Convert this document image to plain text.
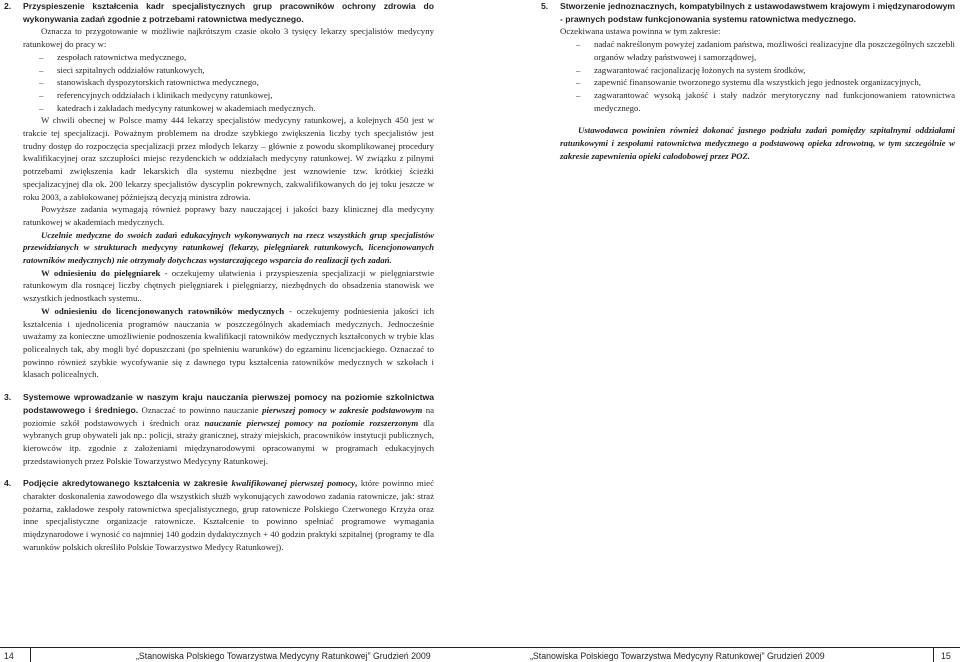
2. Przyspieszenie kształcenia kadr specjalistycznych grup pracowników ochrony zdrowia do wykonywania zadań zgodnie z potrzebami ratownictwa medycznego.

Oznacza to przygotowanie w możliwie najkrótszym czasie około 3 tysięcy lekarzy specjalistów medycyny ratunkowej do pracy w:

– zespołach ratownictwa medycznego,
– sieci szpitalnych oddziałów ratunkowych,
– stanowiskach dyspozytorskich ratownictwa medycznego,
– referencyjnych oddziałach i klinikach medycyny ratunkowej,
– katedrach i zakładach medycyny ratunkowej w akademiach medycznych.

W chwili obecnej w Polsce mamy 444 lekarzy specjalistów medycyny ratunkowej, a kolejnych 450 jest w trakcie tej specjalizacji. Poważnym problemem na drodze szybkiego zwiększenia liczby tych specjalistów jest trudny dostęp do rozpoczęcia specjalizacji przez młodych lekarzy – głównie z powodu skomplikowanej procedury kwalifikacyjnej oraz szczupłości miejsc rezydenckich w oddziałach medycyny ratunkowej. W związku z pilnymi potrzebami zwiększenia kadr lekarskich dla systemu niezbędne jest wznowienie tzw. krótkiej ścieżki specjalizacyjnej dla ok. 200 lekarzy specjalistów dyscyplin pokrewnych, zakwalifikowanych do jej toku jeszcze w roku 2003, a zablokowanej późniejszą decyzją ministra zdrowia.

Powyższe zadania wymagają również poprawy bazy nauczającej i jakości bazy klinicznej dla medycyny ratunkowej w akademiach medycznych.

Uczelnie medyczne do swoich zadań edukacyjnych wykonywanych na rzecz wszystkich grup specjalistów przewidzianych w strukturach medycyny ratunkowej (lekarzy, pielęgniarek ratunkowych, licencjonowanych ratowników medycznych) nie otrzymały dotychczas wystarczającego wsparcia do realizacji tych zadań.

W odniesieniu do pielęgniarek - oczekujemy ułatwienia i przyspieszenia specjalizacji w pielęgniarstwie ratunkowym dla rosnącej liczby chętnych pielęgniarek i pielęgniarzy, niezbędnych do obsadzenia stanowisk we wszystkich jednostkach systemu..

W odniesieniu do licencjonowanych ratowników medycznych - oczekujemy podniesienia jakości ich kształcenia i ujednolicenia programów nauczania w poszczególnych akademiach medycznych. Jednocześnie uważamy za konieczne umożliwienie podnoszenia kwalifikacji ratowników medycznych kształconych w trybie klas policealnych tak, aby mogli być dopuszczani (po spełnieniu warunków) do egzaminu licencjackiego. Oznaczać to powinno również szybkie wycofywanie się z dawnego typu kształcenia ratowników medycznych w szkołach i klasach policealnych.

3. Systemowe wprowadzanie w naszym kraju nauczania pierwszej pomocy na poziomie szkolnictwa podstawowego i średniego. Oznaczać to powinno nauczanie pierwszej pomocy w zakresie podstawowym na poziomie szkół podstawowych i średnich oraz nauczanie pierwszej pomocy na poziomie rozszerzonym dla wybranych grup obywateli jak np.: policji, straży granicznej, straży miejskich, pracowników instytucji publicznych, kierowców itp. zgodnie z założeniami międzynarodowymi opracowanymi w programach edukacyjnych przedstawionych przez Polskie Towarzystwo Medycyny Ratunkowej.

4. Podjęcie akredytowanego kształcenia w zakresie kwalifikowanej pierwszej pomocy, które powinno mieć charakter doskonalenia zawodowego dla wszystkich służb wykonujących zawodowo zadania ratownicze, jak: straż pożarna, zakładowe zespoły ratownictwa specjalistycznego, grup ratownicze Polskiego Czerwonego Krzyża oraz inne specjalistyczne organizacje ratownicze. Kształcenie to powinno spełniać programowe wymagania międzynarodowe i wynosić co najmniej 140 godzin dydaktycznych + 40 godzin praktyki szpitalnej (programy te dla warunków polskich określiło Polskie Towarzystwo Medycy Ratunkowej).

5. Stworzenie jednoznacznych, kompatybilnych z ustawodawstwem krajowym i międzynarodowym - prawnych podstaw funkcjonowania systemu ratownictwa medycznego.

Oczekiwana ustawa powinna w tym zakresie:

– nadać nakreślonym powyżej zadaniom państwa, możliwości realizacyjne dla poszczególnych szczebli organów władzy państwowej i samorządowej,
– zagwarantować racjonalizację łożonych na system środków,
– zapewnić finansowanie tworzonego systemu dla wszystkich jego jednostek organizacyjnych,
– zagwarantować wysoką jakość i stały nadzór merytoryczny nad funkcjonowaniem ratownictwa medycznego.

Ustawodawca powinien również dokonać jasnego podziału zadań pomiędzy szpitalnymi oddziałami ratunkowymi i zespołami ratownictwa medycznego a podstawową opieka zdrowotną, w tym szczególnie w zakresie zapewnienia opieki całodobowej przez POZ.

14	„Stanowiska Polskiego Towarzystwa Medycyny Ratunkowej” Grudzień 2009	„Stanowiska Polskiego Towarzystwa Medycyny Ratunkowej” Grudzień 2009	15
